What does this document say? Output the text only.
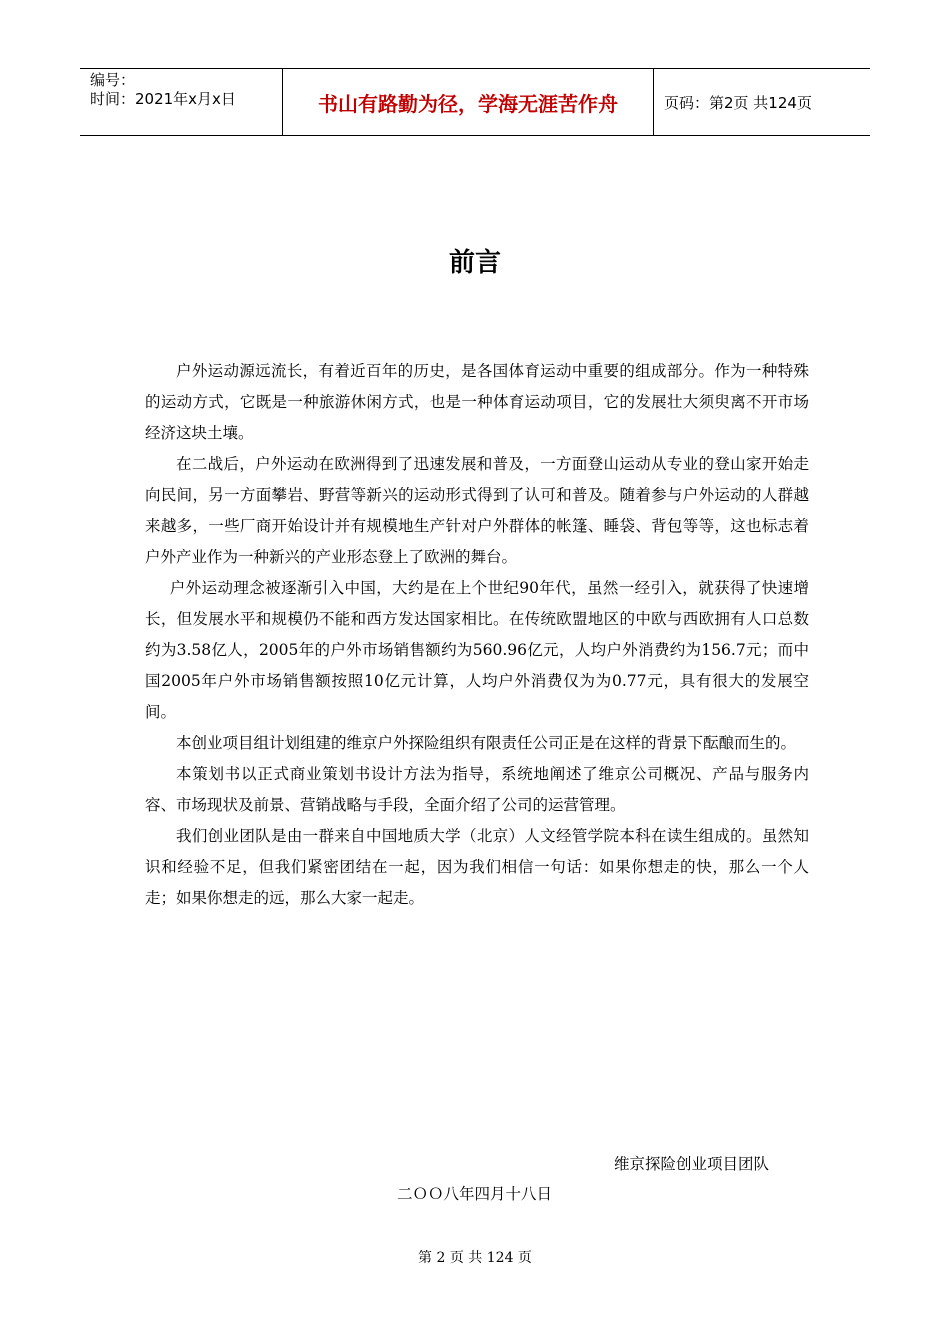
编号：
时间：2021年x月x日	书山有路勤为径，学海无涯苦作舟	页码：第2页 共124页
前言

户外运动源远流长，有着近百年的历史，是各国体育运动中重要的组成部分。作为一种特殊的运动方式，它既是一种旅游休闲方式，也是一种体育运动项目，它的发展壮大须臾离不开市场经济这块土壤。

在二战后，户外运动在欧洲得到了迅速发展和普及，一方面登山运动从专业的登山家开始走向民间，另一方面攀岩、野营等新兴的运动形式得到了认可和普及。随着参与户外运动的人群越来越多，一些厂商开始设计并有规模地生产针对户外群体的帐篷、睡袋、背包等等，这也标志着户外产业作为一种新兴的产业形态登上了欧洲的舞台。

户外运动理念被逐渐引入中国，大约是在上个世纪90年代，虽然一经引入，就获得了快速增长，但发展水平和规模仍不能和西方发达国家相比。在传统欧盟地区的中欧与西欧拥有人口总数约为3.58亿人，2005年的户外市场销售额约为560.96亿元，人均户外消费约为156.7元；而中国2005年户外市场销售额按照10亿元计算，人均户外消费仅为为0.77元，具有很大的发展空间。

本创业项目组计划组建的维京户外探险组织有限责任公司正是在这样的背景下酝酿而生的。

本策划书以正式商业策划书设计方法为指导，系统地阐述了维京公司概况、产品与服务内容、市场现状及前景、营销战略与手段，全面介绍了公司的运营管理。

我们创业团队是由一群来自中国地质大学（北京）人文经管学院本科在读生组成的。虽然知识和经验不足，但我们紧密团结在一起，因为我们相信一句话：如果你想走的快，那么一个人走；如果你想走的远，那么大家一起走。

维京探险创业项目团队
二ＯＯ八年四月十八日
第 2 页 共 124 页
